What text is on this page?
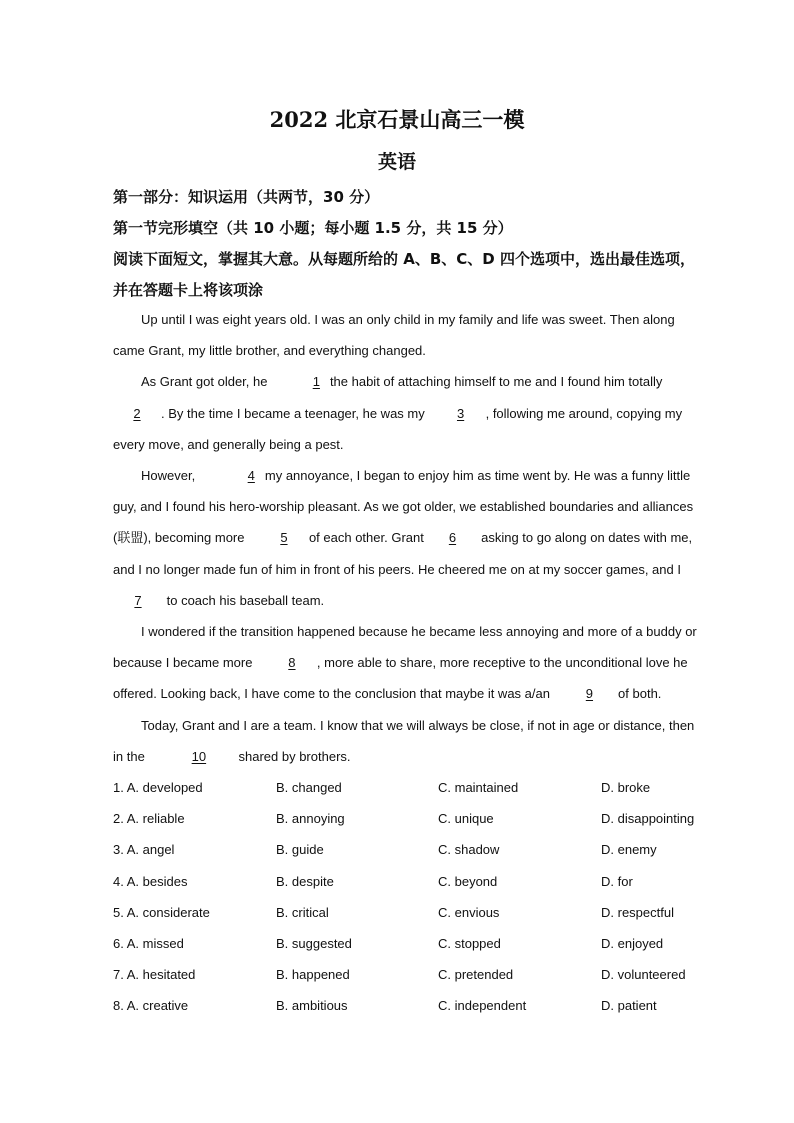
2022 北京石景山高三一模
英语
第一部分：知识运用（共两节，30 分）
第一节完形填空（共 10 小题；每小题 1.5 分，共 15 分）
阅读下面短文，掌握其大意。从每题所给的 A、B、C、D 四个选项中，选出最佳选项，
并在答题卡上将该项涂

Up until I was eight years old. I was an only child in my family and life was sweet. Then along

came Grant, my little brother, and everything changed.

As Grant got older, he	1 the habit of attaching himself to me and I found him totally

2 . By the time I became a teenager, he was my 3 , following me around, copying my

every move, and generally being a pest.

However,	4 my annoyance, I began to enjoy him as time went by. He was a funny little

guy, and I found his hero-worship pleasant. As we got older, we established boundaries and alliances

(联盟), becoming more	5 of each other. Grant 6 asking to go along on dates with me,

and I no longer made fun of him in front of his peers. He cheered me on at my soccer games, and I

7 to coach his baseball team.

I wondered if the transition happened because he became less annoying and more of a buddy or

because I became more	8 , more able to share, more receptive to the unconditional love he

offered. Looking back, I have come to the conclusion that maybe it was a/an	9 of both.

Today, Grant and I are a team. I know that we will always be close, if not in age or distance, then

in the	10 shared by brothers.

1. A. developed	B. changed	C. maintained	D. broke
2. A. reliable	B. annoying	C. unique	D. disappointing
3. A. angel	B. guide	C. shadow	D. enemy
4. A. besides	B. despite	C. beyond	D. for
5. A. considerate	B. critical	C. envious	D. respectful
6. A. missed	B. suggested	C. stopped	D. enjoyed
7. A. hesitated	B. happened	C. pretended	D. volunteered
8. A. creative	B. ambitious	C. independent	D. patient
